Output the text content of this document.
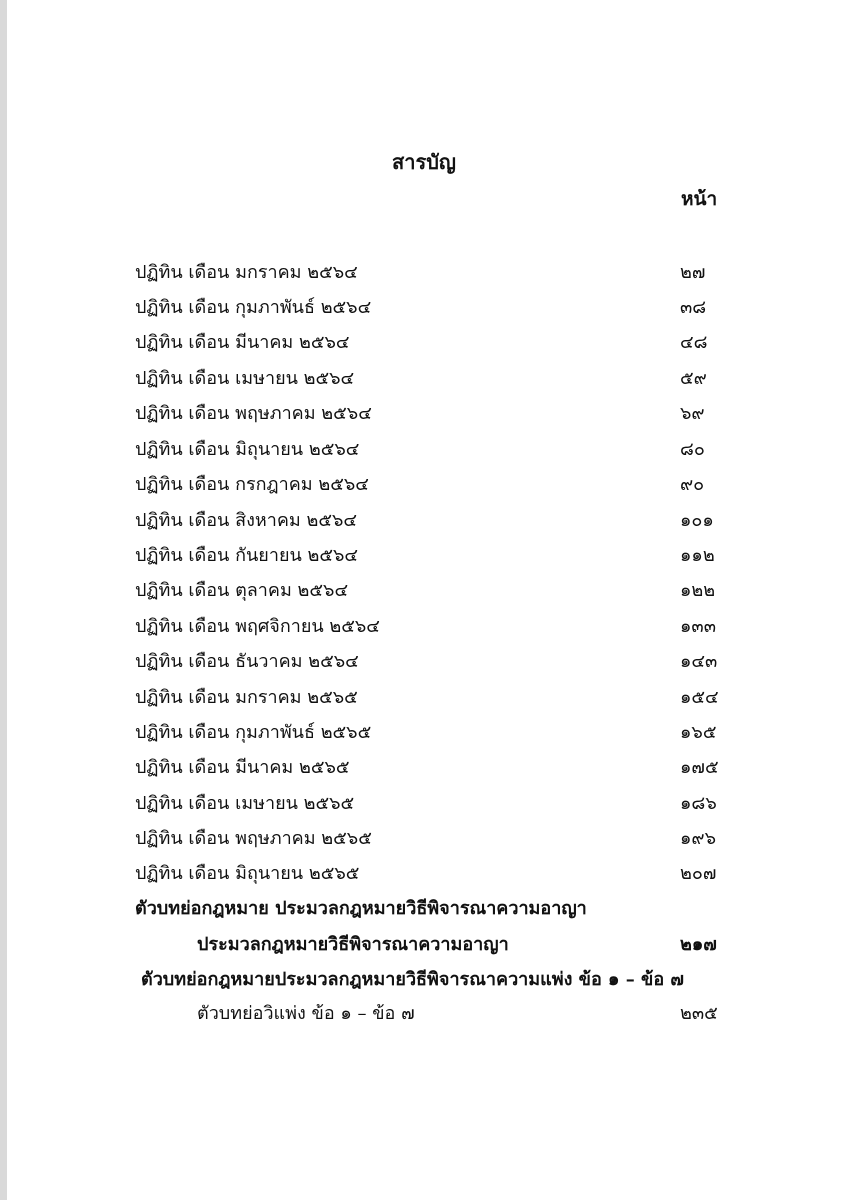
สารบัญ
หน้า
ปฏิทิน เดือน มกราคม ๒๕๖๔	๒๗
ปฏิทิน เดือน กุมภาพันธ์ ๒๕๖๔	๓๘
ปฏิทิน เดือน มีนาคม ๒๕๖๔	๔๘
ปฏิทิน เดือน เมษายน ๒๕๖๔	๕๙
ปฏิทิน เดือน พฤษภาคม ๒๕๖๔	๖๙
ปฏิทิน เดือน มิถุนายน ๒๕๖๔	๘๐
ปฏิทิน เดือน กรกฎาคม ๒๕๖๔	๙๐
ปฏิทิน เดือน สิงหาคม ๒๕๖๔	๑๐๑
ปฏิทิน เดือน กันยายน ๒๕๖๔	๑๑๒
ปฏิทิน เดือน ตุลาคม ๒๕๖๔	๑๒๒
ปฏิทิน เดือน พฤศจิกายน ๒๕๖๔	๑๓๓
ปฏิทิน เดือน ธันวาคม ๒๕๖๔	๑๔๓
ปฏิทิน เดือน มกราคม ๒๕๖๕	๑๕๔
ปฏิทิน เดือน กุมภาพันธ์ ๒๕๖๕	๑๖๕
ปฏิทิน เดือน มีนาคม ๒๕๖๕	๑๗๕
ปฏิทิน เดือน เมษายน ๒๕๖๕	๑๘๖
ปฏิทิน เดือน พฤษภาคม ๒๕๖๕	๑๙๖
ปฏิทิน เดือน มิถุนายน ๒๕๖๕	๒๐๗
ตัวบทย่อกฎหมาย ประมวลกฎหมายวิธีพิจารณาความอาญา
ประมวลกฎหมายวิธีพิจารณาความอาญา	๒๑๗
ตัวบทย่อกฎหมายประมวลกฎหมายวิธีพิจารณาความแพ่ง ข้อ ๑ – ข้อ ๗
ตัวบทย่อวิแพ่ง ข้อ ๑ – ข้อ ๗	๒๓๕
